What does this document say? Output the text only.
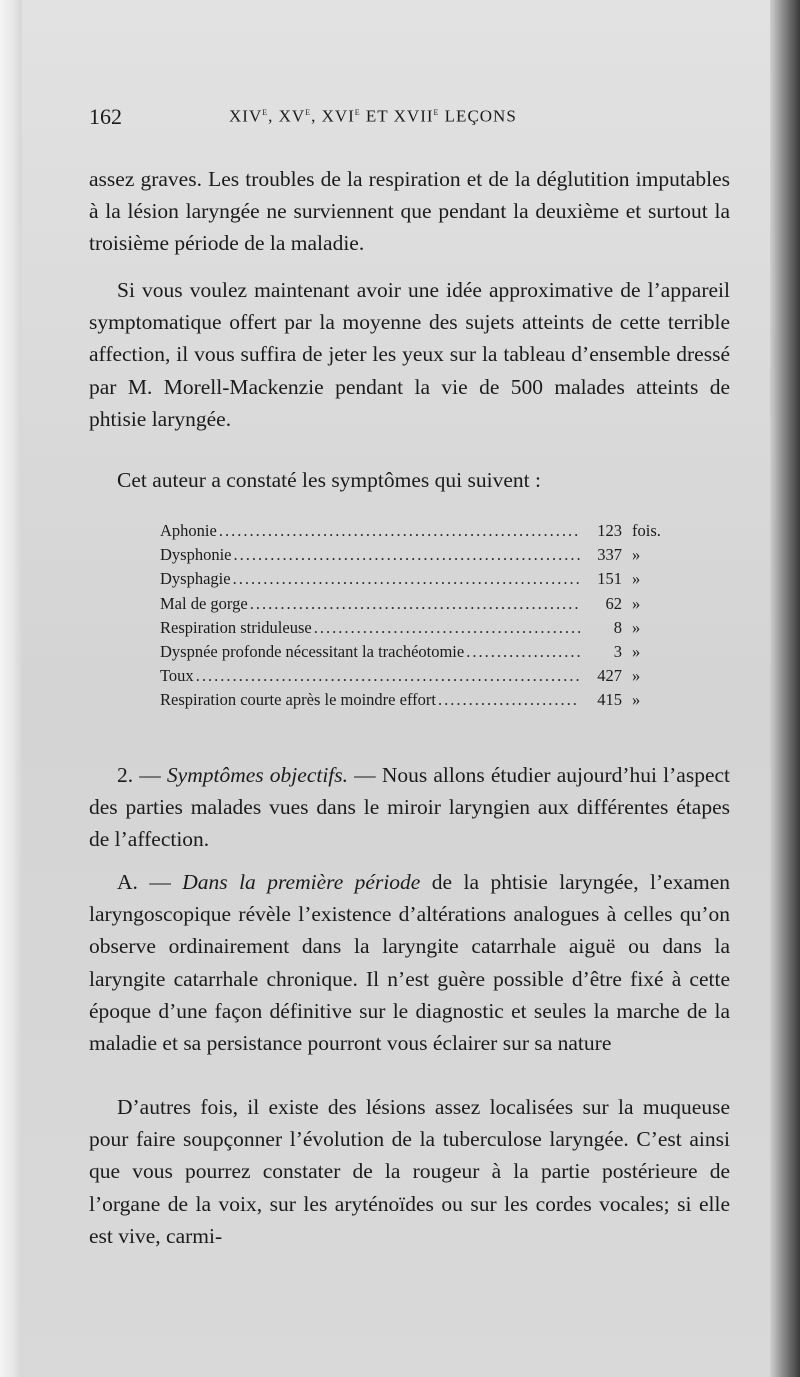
162	XIVe, XVe, XVIe ET XVIIe LEÇONS

assez graves. Les troubles de la respiration et de la déglutition imputables à la lésion laryngée ne surviennent que pendant la deuxième et surtout la troisième période de la maladie.

Si vous voulez maintenant avoir une idée approximative de l’appareil symptomatique offert par la moyenne des sujets atteints de cette terrible affection, il vous suffira de jeter les yeux sur la tableau d’ensemble dressé par M. Morell-Mackenzie pendant la vie de 500 malades atteints de phtisie laryngée.

Cet auteur a constaté les symptômes qui suivent :

Aphonie .....	123 fois.
Dysphonie .....	337 »
Dysphagie .....	151 »
Mal de gorge .....	62 »
Respiration striduleuse .....	8 »
Dyspnée profonde nécessitant la trachéotomie .....	3 »
Toux .....	427 »
Respiration courte après le moindre effort .....	415 »

2. — Symptômes objectifs. — Nous allons étudier aujourd’hui l’aspect des parties malades vues dans le miroir laryngien aux différentes étapes de l’affection.

A. — Dans la première période de la phtisie laryngée, l’examen laryngoscopique révèle l’existence d’altérations analogues à celles qu’on observe ordinairement dans la laryngite catarrhale aiguë ou dans la laryngite catarrhale chronique. Il n’est guère possible d’être fixé à cette époque d’une façon définitive sur le diagnostic et seules la marche de la maladie et sa persistance pourront vous éclairer sur sa nature

D’autres fois, il existe des lésions assez localisées sur la muqueuse pour faire soupçonner l’évolution de la tuberculose laryngée. C’est ainsi que vous pourrez constater de la rougeur à la partie postérieure de l’organe de la voix, sur les aryténoïdes ou sur les cordes vocales; si elle est vive, carmi-
